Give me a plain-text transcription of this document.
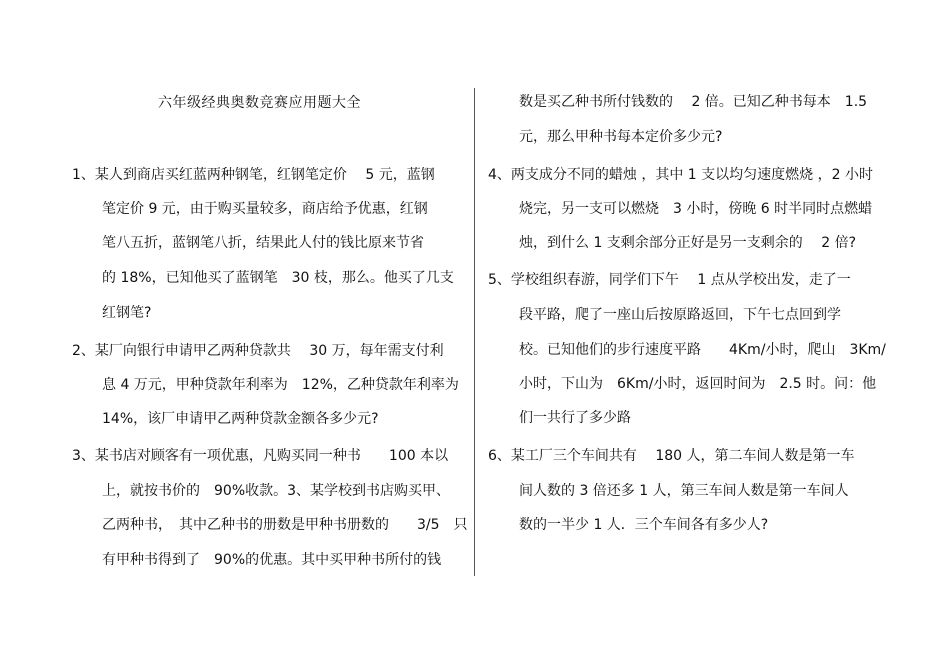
六年级经典奥数竞赛应用题大全
1、某人到商店买红蓝两种钢笔，红钢笔定价　 5 元，蓝钢
笔定价 9 元，由于购买量较多，商店给予优惠，红钢
笔八五折，蓝钢笔八折，结果此人付的钱比原来节省
的 18%，已知他买了蓝钢笔　30 枝，那么。他买了几支
红钢笔?
2、某厂向银行申请甲乙两种贷款共　 30 万，每年需支付利
息 4 万元，甲种贷款年利率为　12%，乙种贷款年利率为
14%，该厂申请甲乙两种贷款金额各多少元?
3、某书店对顾客有一项优惠，凡购买同一种书　　100 本以
上，就按书价的　90%收款。3、某学校到书店购买甲、
乙两种书，　其中乙种书的册数是甲种书册数的　　3/5　只
有甲种书得到了　90%的优惠。其中买甲种书所付的钱
数是买乙种书所付钱数的　 2 倍。已知乙种书每本　1.5
元，那么甲种书每本定价多少元?
4、两支成分不同的蜡烛 ，其中 1 支以均匀速度燃烧 ，2 小时
烧完，另一支可以燃烧　3 小时，傍晚 6 时半同时点燃蜡
烛，到什么 1 支剩余部分正好是另一支剩余的　 2 倍?
5、学校组织春游，同学们下午　 1 点从学校出发，走了一
段平路，爬了一座山后按原路返回，下午七点回到学
校。已知他们的步行速度平路　　4Km/小时，爬山　3Km/
小时，下山为　6Km/小时，返回时间为　2.5 时。问：他
们一共行了多少路
6、某工厂三个车间共有　 180 人，第二车间人数是第一车
间人数的 3 倍还多 1 人，第三车间人数是第一车间人
数的一半少 1 人．三个车间各有多少人?
